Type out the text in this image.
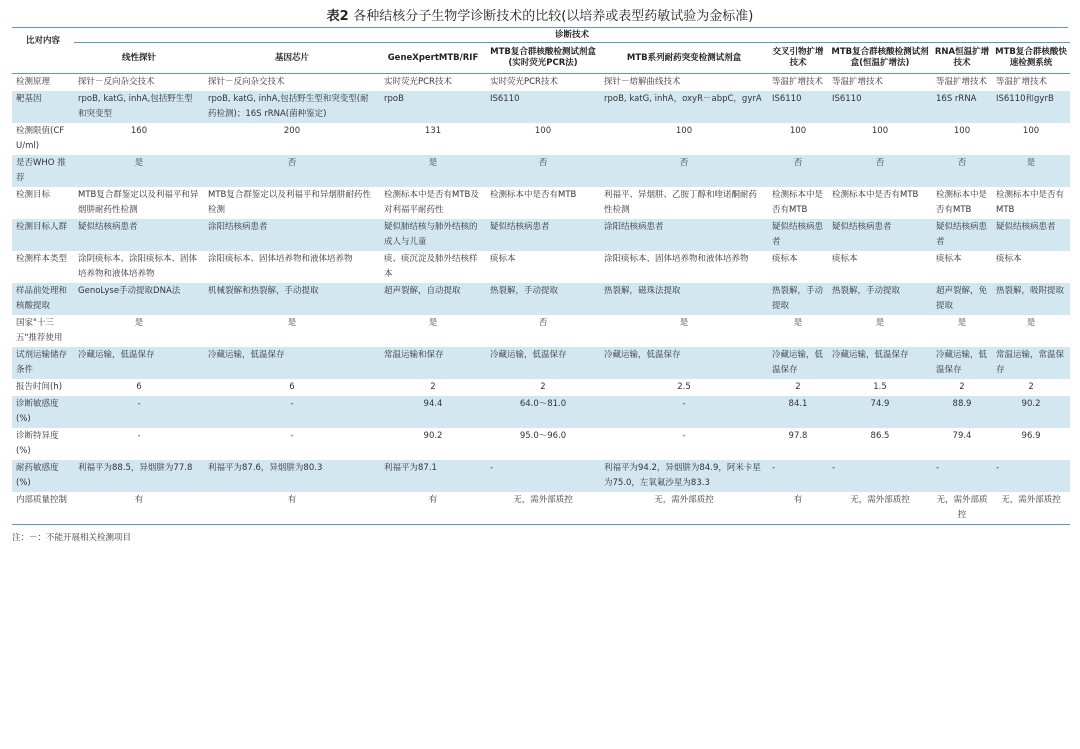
表2 各种结核分子生物学诊断技术的比较(以培养或表型药敏试验为金标准)
比对内容	诊断技术								
	线性探针	基因芯片	GeneXpertMTB/RIF	MTB复合群核酸检测试剂盒(实时荧光PCR法)	MTB系列耐药突变检测试剂盒	交叉引物扩增技术	MTB复合群核酸检测试剂盒(恒温扩增法)	RNA恒温扩增技术	MTB复合群核酸快速检测系统
检测原理	探针－反向杂交技术	探针－反向杂交技术	实时荧光PCR技术	实时荧光PCR技术	探针－熔解曲线技术	等温扩增技术	等温扩增技术	等温扩增技术	等温扩增技术
靶基因	rpoB, katG, inhA,包括野生型和突变型	rpoB, katG, inhA,包括野生型和突变型(耐药检测)；16S rRNA(菌种鉴定)	rpoB	IS6110	rpoB, katG, inhA，oxyR－abpC，gyrA	IS6110	IS6110	16S rRNA	IS6110和gyrB
检测限值(CFU/ml)	160	200	131	100	100	100	100	100	100
是否WHO 推荐	是	否	是	否	否	否	否	否	是
检测目标	MTB复合群鉴定以及利福平和异烟肼耐药性检测	MTB复合群鉴定以及利福平和异烟肼耐药性检测	检测标本中是否有MTB及对利福平耐药性	检测标本中是否有MTB	利福平、异烟肼、乙胺丁醇和喹诺酮耐药性检测	检测标本中是否有MTB	检测标本中是否有MTB	检测标本中是否有MTB	检测标本中是否有MTB
检测目标人群	疑似结核病患者	涂阳结核病患者	疑似肺结核与肺外结核的成人与儿童	疑似结核病患者	涂阳结核病患者	疑似结核病患者	疑似结核病患者	疑似结核病患者	疑似结核病患者
检测样本类型	涂阴痰标本、涂阳痰标本、固体培养物和液体培养物	涂阳痰标本、固体培养物和液体培养物	痰、痰沉淀及肺外结核样本	痰标本	涂阳痰标本、固体培养物和液体培养物	痰标本	痰标本	痰标本	痰标本
样品前处理和核酸提取	GenoLyse手动提取DNA法	机械裂解和热裂解，手动提取	超声裂解，自动提取	热裂解，手动提取	热裂解，磁珠法提取	热裂解，手动提取	热裂解，手动提取	超声裂解，免提取	热裂解，吸附提取
国家"十三五"推荐使用	是	是	是	否	是	是	是	是	是
试剂运输储存条件	冷藏运输，低温保存	冷藏运输，低温保存	常温运输和保存	冷藏运输，低温保存	冷藏运输，低温保存	冷藏运输，低温保存	冷藏运输，低温保存	冷藏运输，低温保存	常温运输，常温保存
报告时间(h)	6	6	2	2	2.5	2	1.5	2	2
诊断敏感度(%)	-	-	94.4	64.0～81.0	-	84.1	74.9	88.9	90.2
诊断特异度(%)	-	-	90.2	95.0～96.0	-	97.8	86.5	79.4	96.9
耐药敏感度(%)	利福平为88.5，异烟肼为77.8	利福平为87.6，异烟肼为80.3	利福平为87.1	-	利福平为94.2，异烟肼为84.9，阿米卡星为75.0，左氧氟沙星为83.3	-	-	-	-
内部质量控制	有	有	有	无，需外部质控	无，需外部质控	有	无，需外部质控	无，需外部质控	无，需外部质控
注：－：不能开展相关检测项目
